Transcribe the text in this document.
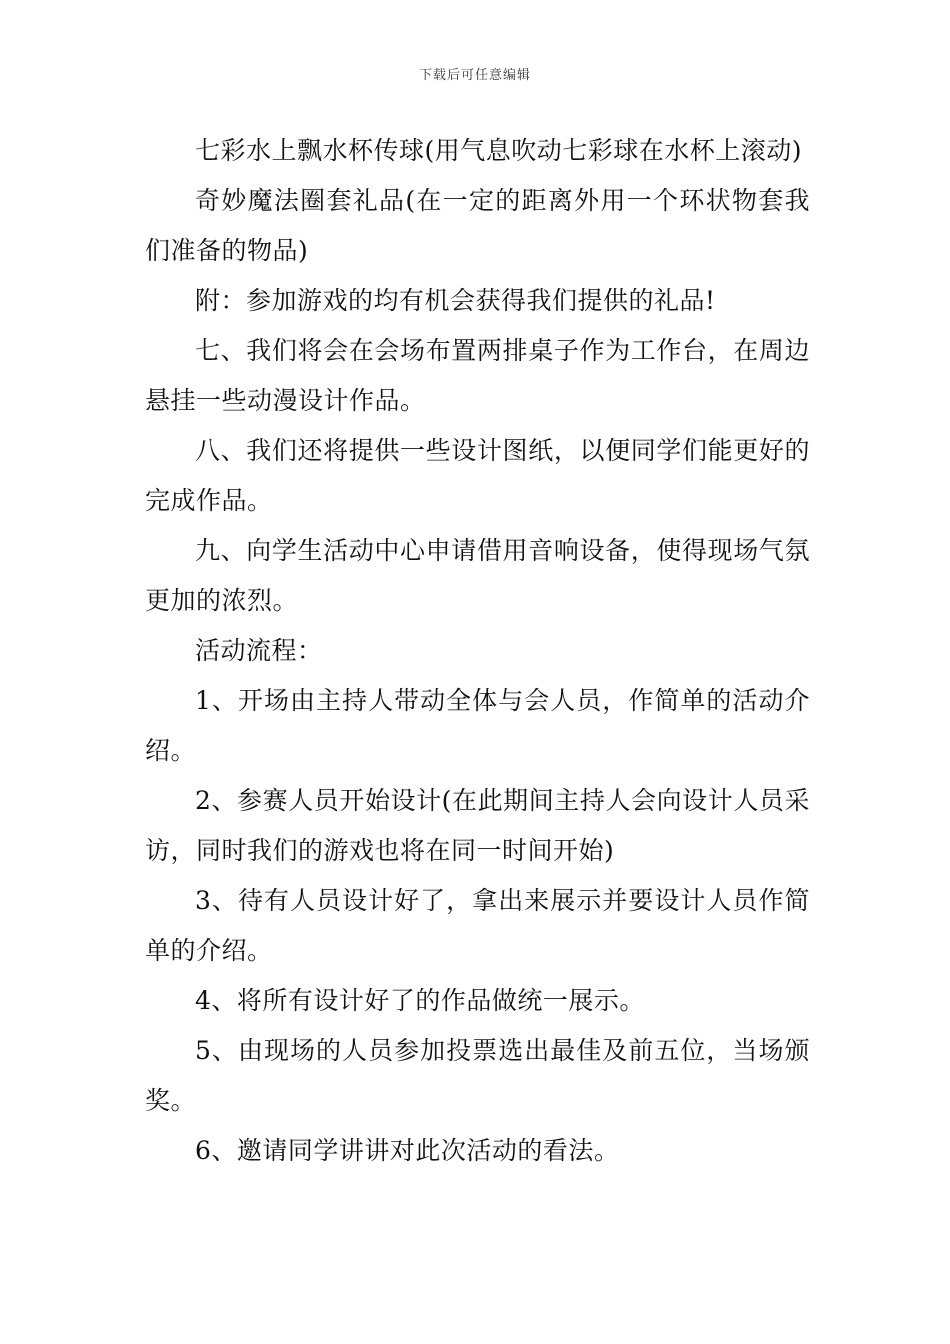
下载后可任意编辑

七彩水上飘水杯传球(用气息吹动七彩球在水杯上滚动)

奇妙魔法圈套礼品(在一定的距离外用一个环状物套我们准备的物品)

附：参加游戏的均有机会获得我们提供的礼品!

七、我们将会在会场布置两排桌子作为工作台，在周边悬挂一些动漫设计作品。

八、我们还将提供一些设计图纸，以便同学们能更好的完成作品。

九、向学生活动中心申请借用音响设备，使得现场气氛更加的浓烈。

活动流程：

1、开场由主持人带动全体与会人员，作简单的活动介绍。

2、参赛人员开始设计(在此期间主持人会向设计人员采访，同时我们的游戏也将在同一时间开始)

3、待有人员设计好了，拿出来展示并要设计人员作简单的介绍。

4、将所有设计好了的作品做统一展示。

5、由现场的人员参加投票选出最佳及前五位，当场颁奖。

6、邀请同学讲讲对此次活动的看法。
